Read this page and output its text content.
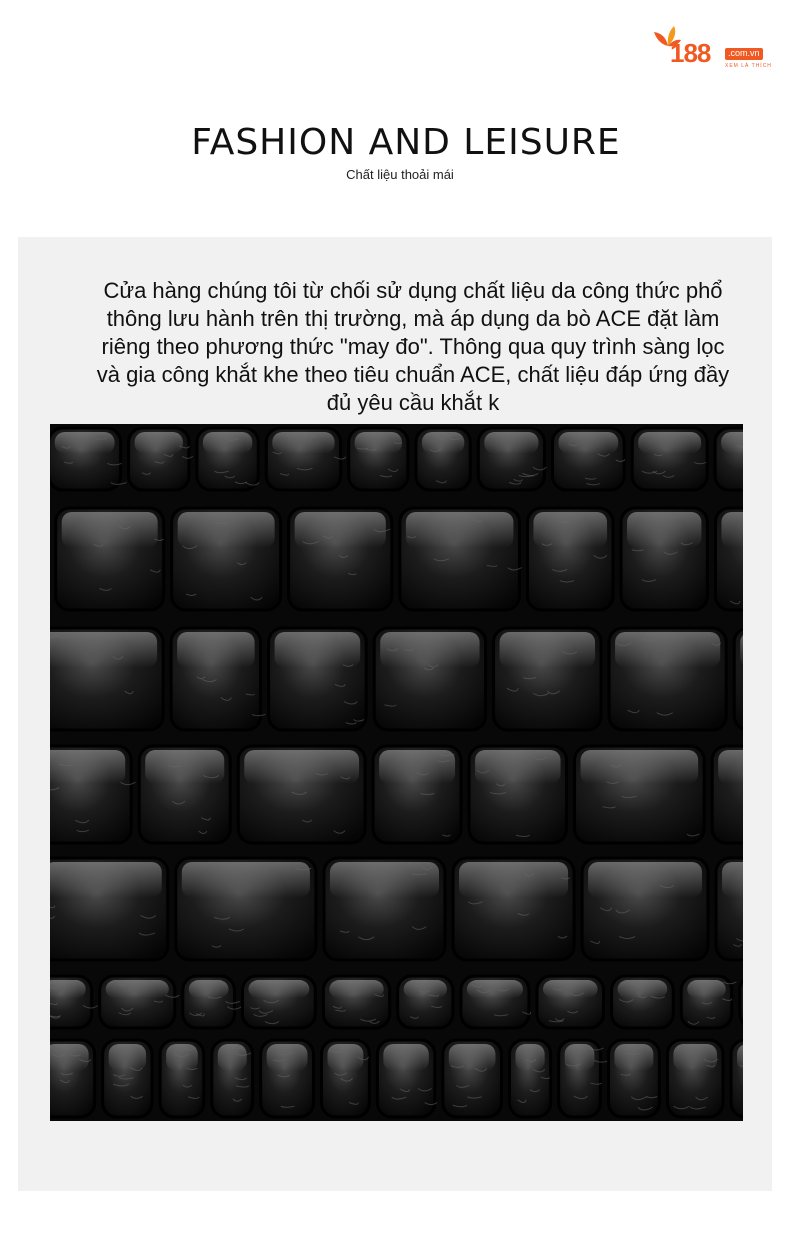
188	.com.vn
XEM LÀ THÍCH
FASHION AND LEISURE
Chất liệu thoải mái
Cửa hàng chúng tôi từ chối sử dụng chất liệu da công thức phổ thông lưu hành trên thị trường, mà áp dụng da bò ACE đặt làm riêng theo phương thức "may đo". Thông qua quy trình sàng lọc và gia công khắt khe theo tiêu chuẩn ACE, chất liệu đáp ứng đầy đủ yêu cầu khắt k
